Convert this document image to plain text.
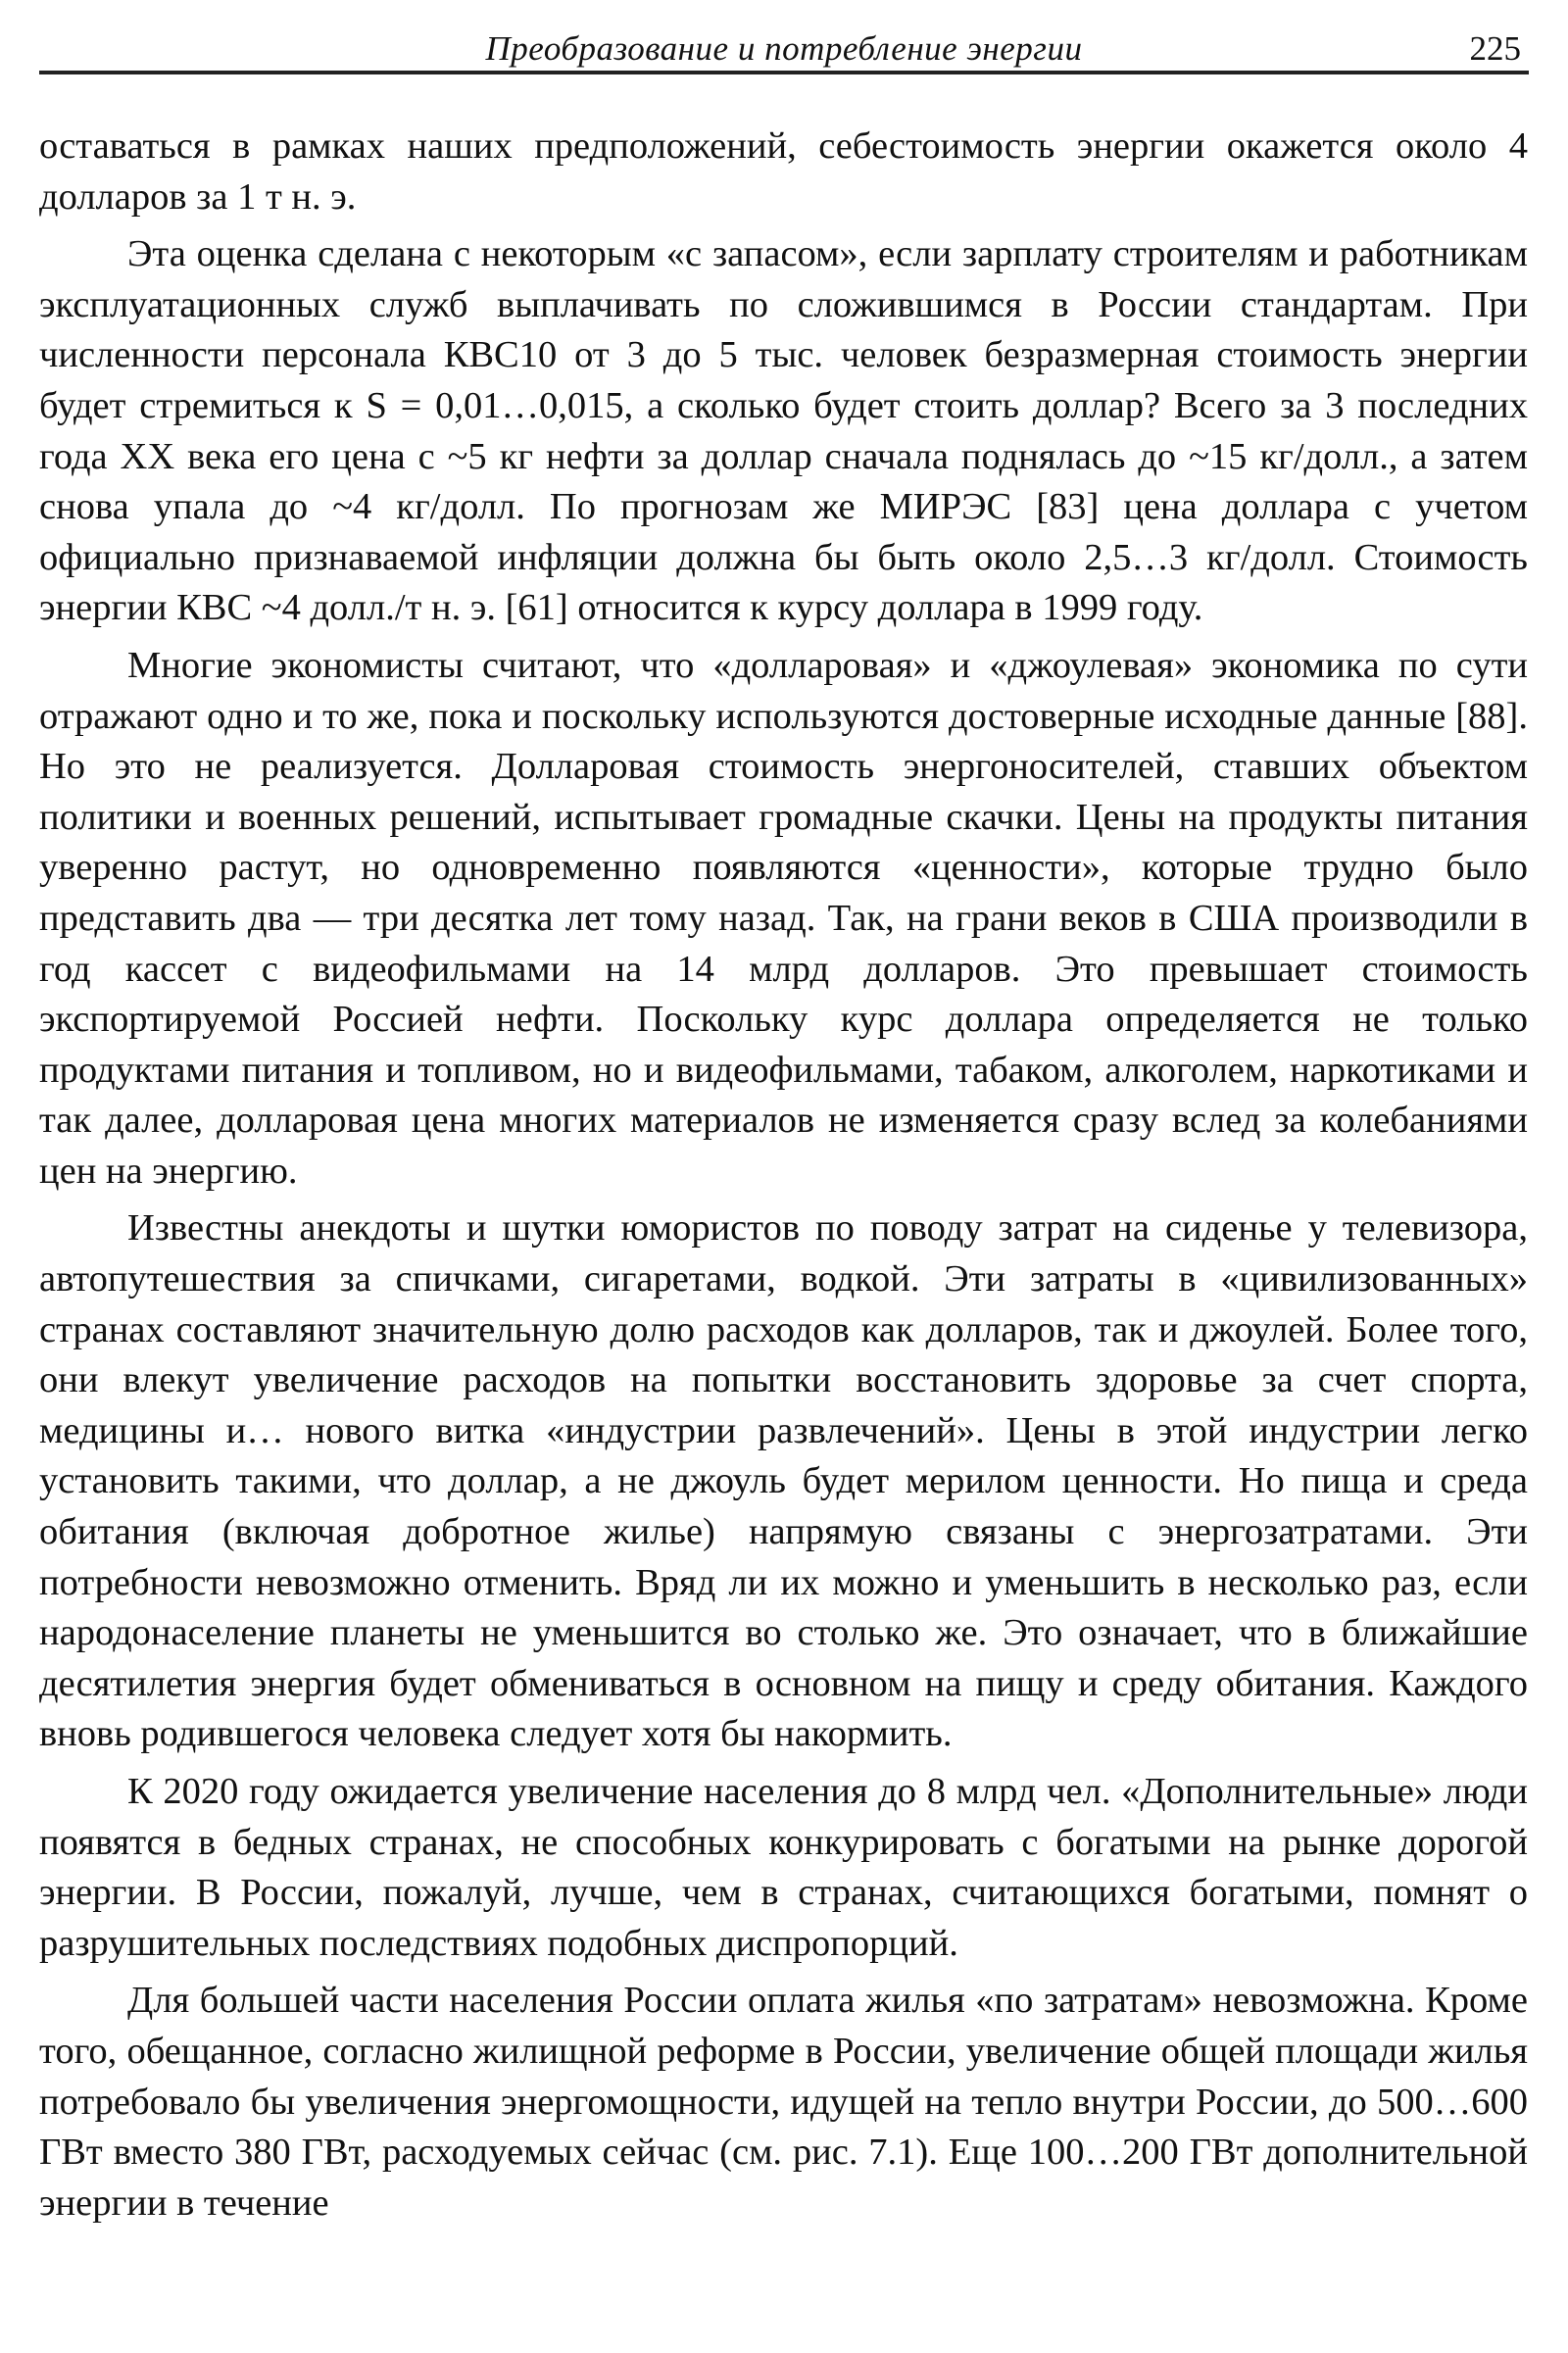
Преобразование и потребление энергии	225

оставаться в рамках наших предположений, себестоимость энергии окажется около 4 долларов за 1 т н. э.

Эта оценка сделана с некоторым «с запасом», если зарплату строителям и работникам эксплуатационных служб выплачивать по сложившимся в России стандартам. При численности персонала КВС10 от 3 до 5 тыс. человек безразмерная стоимость энергии будет стремиться к S = 0,01…0,015, а сколько будет стоить доллар? Всего за 3 последних года XX века его цена с ~5 кг нефти за доллар сначала поднялась до ~15 кг/долл., а затем снова упала до ~4 кг/долл. По прогнозам же МИРЭС [83] цена доллара с учетом официально признаваемой инфляции должна бы быть около 2,5…3 кг/долл. Стоимость энергии КВС ~4 долл./т н. э. [61] относится к курсу доллара в 1999 году.

Многие экономисты считают, что «долларовая» и «джоулевая» экономика по сути отражают одно и то же, пока и поскольку используются достоверные исходные данные [88]. Но это не реализуется. Долларовая стоимость энергоносителей, ставших объектом политики и военных решений, испытывает громадные скачки. Цены на продукты питания уверенно растут, но одновременно появляются «ценности», которые трудно было представить два — три десятка лет тому назад. Так, на грани веков в США производили в год кассет с видеофильмами на 14 млрд долларов. Это превышает стоимость экспортируемой Россией нефти. Поскольку курс доллара определяется не только продуктами питания и топливом, но и видеофильмами, табаком, алкоголем, наркотиками и так далее, долларовая цена многих материалов не изменяется сразу вслед за колебаниями цен на энергию.

Известны анекдоты и шутки юмористов по поводу затрат на сиденье у телевизора, автопутешествия за спичками, сигаретами, водкой. Эти затраты в «цивилизованных» странах составляют значительную долю расходов как долларов, так и джоулей. Более того, они влекут увеличение расходов на попытки восстановить здоровье за счет спорта, медицины и… нового витка «индустрии развлечений». Цены в этой индустрии легко установить такими, что доллар, а не джоуль будет мерилом ценности. Но пища и среда обитания (включая добротное жилье) напрямую связаны с энергозатратами. Эти потребности невозможно отменить. Вряд ли их можно и уменьшить в несколько раз, если народонаселение планеты не уменьшится во столько же. Это означает, что в ближайшие десятилетия энергия будет обмениваться в основном на пищу и среду обитания. Каждого вновь родившегося человека следует хотя бы накормить.

К 2020 году ожидается увеличение населения до 8 млрд чел. «Дополнительные» люди появятся в бедных странах, не способных конкурировать с богатыми на рынке дорогой энергии. В России, пожалуй, лучше, чем в странах, считающихся богатыми, помнят о разрушительных последствиях подобных диспропорций.

Для большей части населения России оплата жилья «по затратам» невозможна. Кроме того, обещанное, согласно жилищной реформе в России, увеличение общей площади жилья потребовало бы увеличения энергомощности, идущей на тепло внутри России, до 500…600 ГВт вместо 380 ГВт, расходуемых сейчас (см. рис. 7.1). Еще 100…200 ГВт дополнительной энергии в течение
